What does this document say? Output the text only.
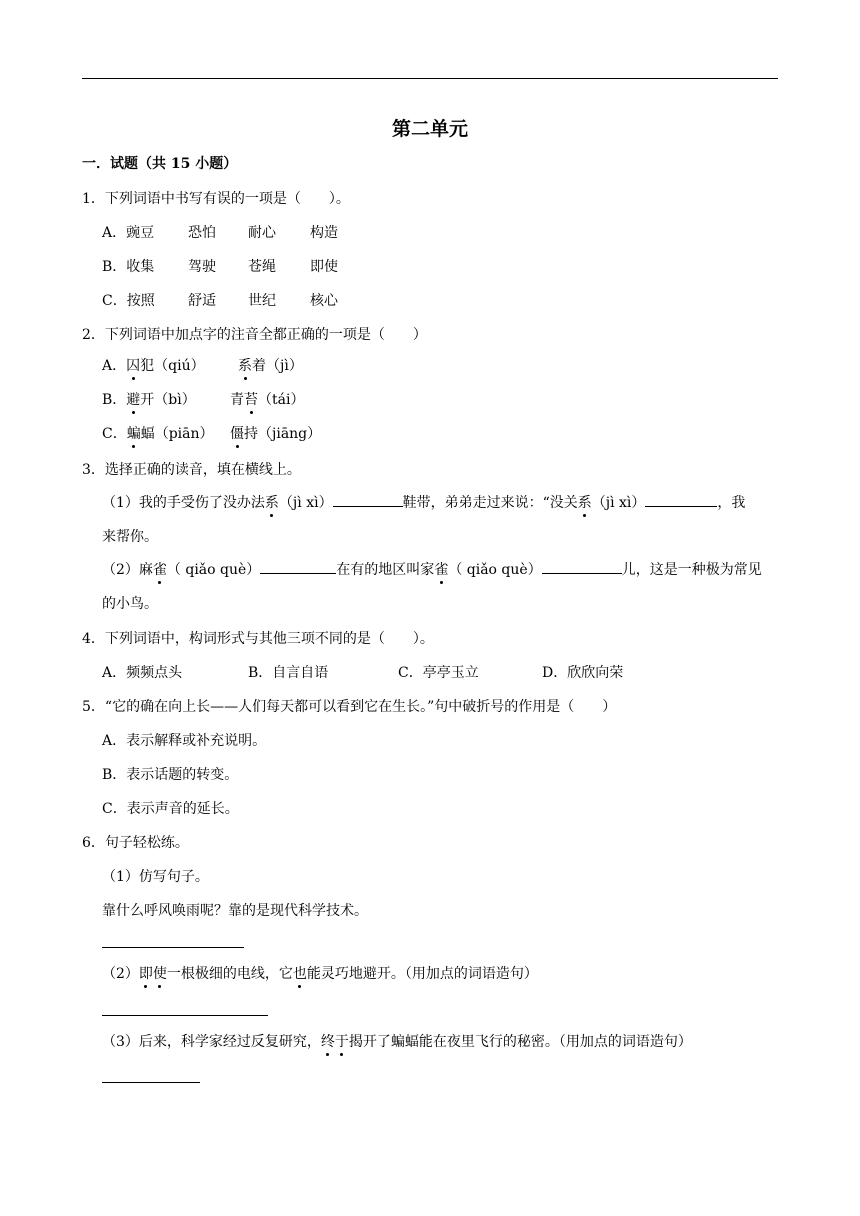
第二单元
一．试题（共 15 小题）
1．下列词语中书写有误的一项是（　　）。
A．豌豆 恐怕 耐心 构造
B．收集 驾驶 苍绳 即使
C．按照 舒适 世纪 核心
2．下列词语中加点字的注音全都正确的一项是（　　）
A．囚犯（qiú） 系着（jì）
B．避开（bì） 青苔（tái）
C．蝙蝠（piān） 僵持（jiāng）
3．选择正确的读音，填在横线上。
（1）我的手受伤了没办法系（jì xì）	鞋带，弟弟走过来说：“没关系（jì xì）	，我
来帮你。
（2）麻雀（ qiǎo què）	在有的地区叫家雀（ qiǎo què）	儿，这是一种极为常见
的小鸟。
4．下列词语中，构词形式与其他三项不同的是（　　）。
A．频频点头	B．自言自语	C．亭亭玉立	D．欣欣向荣
5．“它的确在向上长——人们每天都可以看到它在生长。”句中破折号的作用是（　　）
A．表示解释或补充说明。
B．表示话题的转变。
C．表示声音的延长。
6．句子轻松练。
（1）仿写句子。
靠什么呼风唤雨呢？靠的是现代科学技术。
（2）即使一根极细的电线，它也能灵巧地避开。（用加点的词语造句）
（3）后来，科学家经过反复研究，终于揭开了蝙蝠能在夜里飞行的秘密。（用加点的词语造句）
